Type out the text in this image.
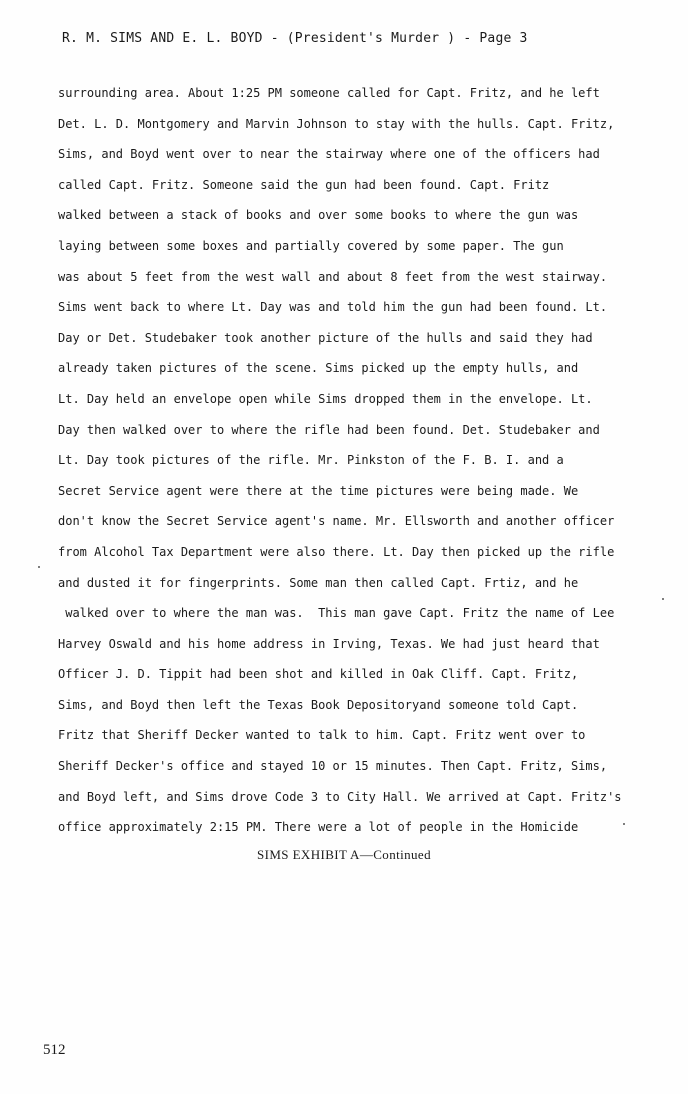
R. M. SIMS AND E. L. BOYD - (President's Murder ) - Page 3
surrounding area. About 1:25 PM someone called for Capt. Fritz, and he left
Det. L. D. Montgomery and Marvin Johnson to stay with the hulls. Capt. Fritz,
Sims, and Boyd went over to near the stairway where one of the officers had
called Capt. Fritz. Someone said the gun had been found. Capt. Fritz
walked between a stack of books and over some books to where the gun was
laying between some boxes and partially covered by some paper. The gun
was about 5 feet from the west wall and about 8 feet from the west stairway.
Sims went back to where Lt. Day was and told him the gun had been found. Lt.
Day or Det. Studebaker took another picture of the hulls and said they had
already taken pictures of the scene. Sims picked up the empty hulls, and
Lt. Day held an envelope open while Sims dropped them in the envelope. Lt.
Day then walked over to where the rifle had been found. Det. Studebaker and
Lt. Day took pictures of the rifle. Mr. Pinkston of the F. B. I. and a
Secret Service agent were there at the time pictures were being made. We
don't know the Secret Service agent's name. Mr. Ellsworth and another officer
from Alcohol Tax Department were also there. Lt. Day then picked up the rifle
and dusted it for fingerprints. Some man then called Capt. Frtiz, and he
walked over to where the man was.  This man gave Capt. Fritz the name of Lee
Harvey Oswald and his home address in Irving, Texas. We had just heard that
Officer J. D. Tippit had been shot and killed in Oak Cliff. Capt. Fritz,
Sims, and Boyd then left the Texas Book Depositoryand someone told Capt.
Fritz that Sheriff Decker wanted to talk to him. Capt. Fritz went over to
Sheriff Decker's office and stayed 10 or 15 minutes. Then Capt. Fritz, Sims,
and Boyd left, and Sims drove Code 3 to City Hall. We arrived at Capt. Fritz's
office approximately 2:15 PM. There were a lot of people in the Homicide
SIMS EXHIBIT A—Continued
512
